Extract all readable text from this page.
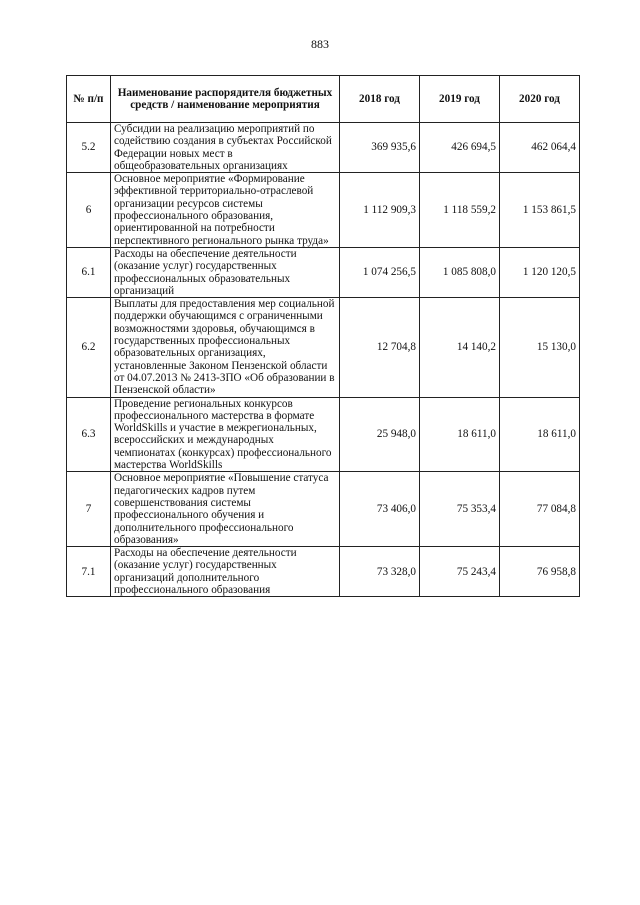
883
№ п/п	Наименование распорядителя бюджетных средств / наименование мероприятия	2018 год	2019 год	2020 год
5.2	Субсидии на реализацию мероприятий по содействию создания в субъектах Российской Федерации новых мест в общеобразовательных организациях	369 935,6	426 694,5	462 064,4
6	Основное мероприятие «Формирование эффективной территориально-отраслевой организации ресурсов системы профессионального образования, ориентированной на потребности перспективного регионального рынка труда»	1 112 909,3	1 118 559,2	1 153 861,5
6.1	Расходы на обеспечение деятельности (оказание услуг) государственных профессиональных образовательных организаций	1 074 256,5	1 085 808,0	1 120 120,5
6.2	Выплаты для предоставления мер социальной поддержки обучающимся с ограниченными возможностями здоровья, обучающимся в государственных профессиональных образовательных организациях, установленные Законом Пензенской области от 04.07.2013 № 2413-ЗПО «Об образовании в Пензенской области»	12 704,8	14 140,2	15 130,0
6.3	Проведение региональных конкурсов профессионального мастерства в формате WorldSkills и участие в межрегиональных, всероссийских и международных чемпионатах (конкурсах) профессионального мастерства WorldSkills	25 948,0	18 611,0	18 611,0
7	Основное мероприятие «Повышение статуса педагогических кадров путем совершенствования системы профессионального обучения и дополнительного профессионального образования»	73 406,0	75 353,4	77 084,8
7.1	Расходы на обеспечение деятельности (оказание услуг) государственных организаций дополнительного профессионального образования	73 328,0	75 243,4	76 958,8
